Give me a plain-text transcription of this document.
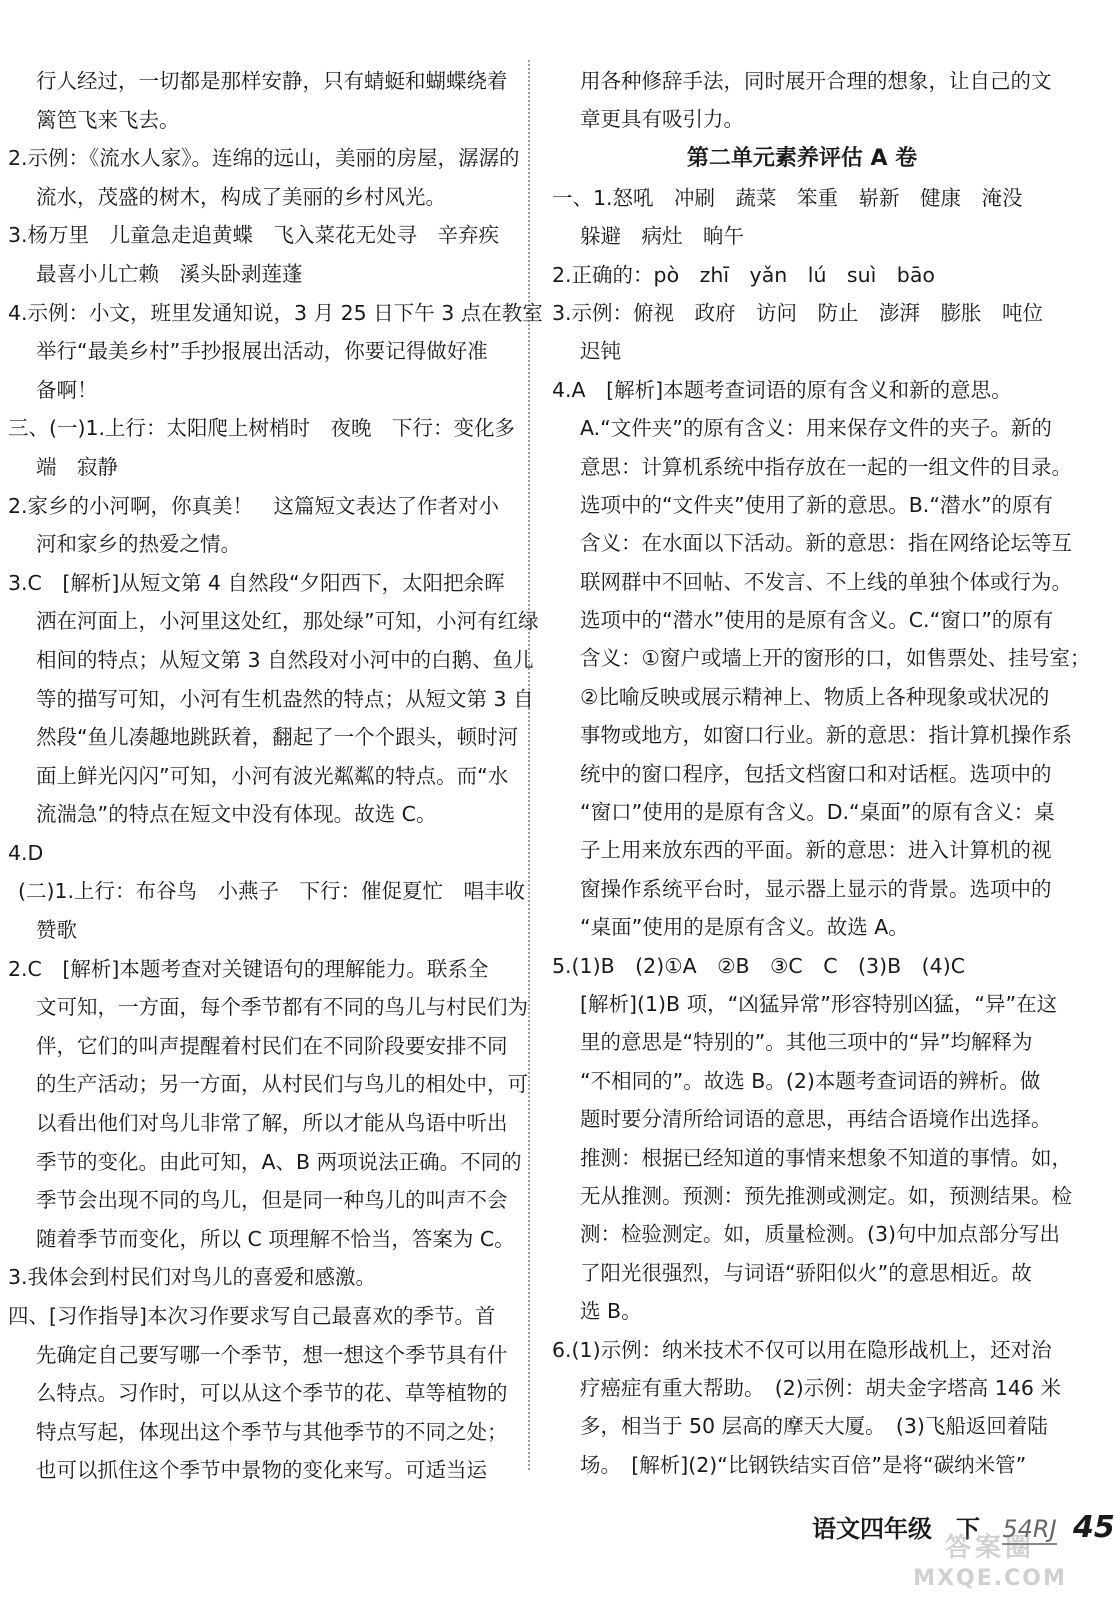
行人经过，一切都是那样安静，只有蜻蜓和蝴蝶绕着
篱笆飞来飞去。
2.示例：《流水人家》。连绵的远山，美丽的房屋，潺潺的
流水，茂盛的树木，构成了美丽的乡村风光。
3.杨万里　儿童急走追黄蝶　飞入菜花无处寻　辛弃疾
最喜小儿亡赖　溪头卧剥莲蓬
4.示例：小文，班里发通知说，3 月 25 日下午 3 点在教室
举行“最美乡村”手抄报展出活动，你要记得做好准
备啊！
三、(一)1.上行：太阳爬上树梢时　夜晚　下行：变化多
端　寂静
2.家乡的小河啊，你真美！　这篇短文表达了作者对小
河和家乡的热爱之情。
3.C　[解析]从短文第 4 自然段“夕阳西下，太阳把余晖
洒在河面上，小河里这处红，那处绿”可知，小河有红绿
相间的特点；从短文第 3 自然段对小河中的白鹅、鱼儿
等的描写可知，小河有生机盎然的特点；从短文第 3 自
然段“鱼儿凑趣地跳跃着，翻起了一个个跟头，顿时河
面上鲜光闪闪”可知，小河有波光粼粼的特点。而“水
流湍急”的特点在短文中没有体现。故选 C。
4.D
(二)1.上行：布谷鸟　小燕子　下行：催促夏忙　唱丰收
赞歌
2.C　[解析]本题考查对关键语句的理解能力。联系全
文可知，一方面，每个季节都有不同的鸟儿与村民们为
伴，它们的叫声提醒着村民们在不同阶段要安排不同
的生产活动；另一方面，从村民们与鸟儿的相处中，可
以看出他们对鸟儿非常了解，所以才能从鸟语中听出
季节的变化。由此可知，A、B 两项说法正确。不同的
季节会出现不同的鸟儿，但是同一种鸟儿的叫声不会
随着季节而变化，所以 C 项理解不恰当，答案为 C。
3.我体会到村民们对鸟儿的喜爱和感激。
四、[习作指导]本次习作要求写自己最喜欢的季节。首
先确定自己要写哪一个季节，想一想这个季节具有什
么特点。习作时，可以从这个季节的花、草等植物的
特点写起，体现出这个季节与其他季节的不同之处；
也可以抓住这个季节中景物的变化来写。可适当运
用各种修辞手法，同时展开合理的想象，让自己的文
章更具有吸引力。
第二单元素养评估 A 卷
一、1.怒吼　冲刷　蔬菜　笨重　崭新　健康　淹没
躲避　病灶　晌午
2.正确的：pò　zhī　yǎn　lú　suì　bāo
3.示例：俯视　政府　访问　防止　澎湃　膨胀　吨位
迟钝
4.A　[解析]本题考查词语的原有含义和新的意思。
A.“文件夹”的原有含义：用来保存文件的夹子。新的
意思：计算机系统中指存放在一起的一组文件的目录。
选项中的“文件夹”使用了新的意思。B.“潜水”的原有
含义：在水面以下活动。新的意思：指在网络论坛等互
联网群中不回帖、不发言、不上线的单独个体或行为。
选项中的“潜水”使用的是原有含义。C.“窗口”的原有
含义：①窗户或墙上开的窗形的口，如售票处、挂号室；
②比喻反映或展示精神上、物质上各种现象或状况的
事物或地方，如窗口行业。新的意思：指计算机操作系
统中的窗口程序，包括文档窗口和对话框。选项中的
“窗口”使用的是原有含义。D.“桌面”的原有含义：桌
子上用来放东西的平面。新的意思：进入计算机的视
窗操作系统平台时，显示器上显示的背景。选项中的
“桌面”使用的是原有含义。故选 A。
5.(1)B　(2)①A　②B　③C　C　(3)B　(4)C
[解析](1)B 项，“凶猛异常”形容特别凶猛，“异”在这
里的意思是“特别的”。其他三项中的“异”均解释为
“不相同的”。故选 B。(2)本题考查词语的辨析。做
题时要分清所给词语的意思，再结合语境作出选择。
推测：根据已经知道的事情来想象不知道的事情。如，
无从推测。预测：预先推测或测定。如，预测结果。检
测：检验测定。如，质量检测。(3)句中加点部分写出
了阳光很强烈，与词语“骄阳似火”的意思相近。故
选 B。
6.(1)示例：纳米技术不仅可以用在隐形战机上，还对治
疗癌症有重大帮助。　(2)示例：胡夫金字塔高 146 米
多，相当于 50 层高的摩天大厦。　(3)飞船返回着陆
场。　[解析](2)“比钢铁结实百倍”是将“碳纳米管”
语文四年级　下 54RJ 45
答案圈
MXQE.COM
